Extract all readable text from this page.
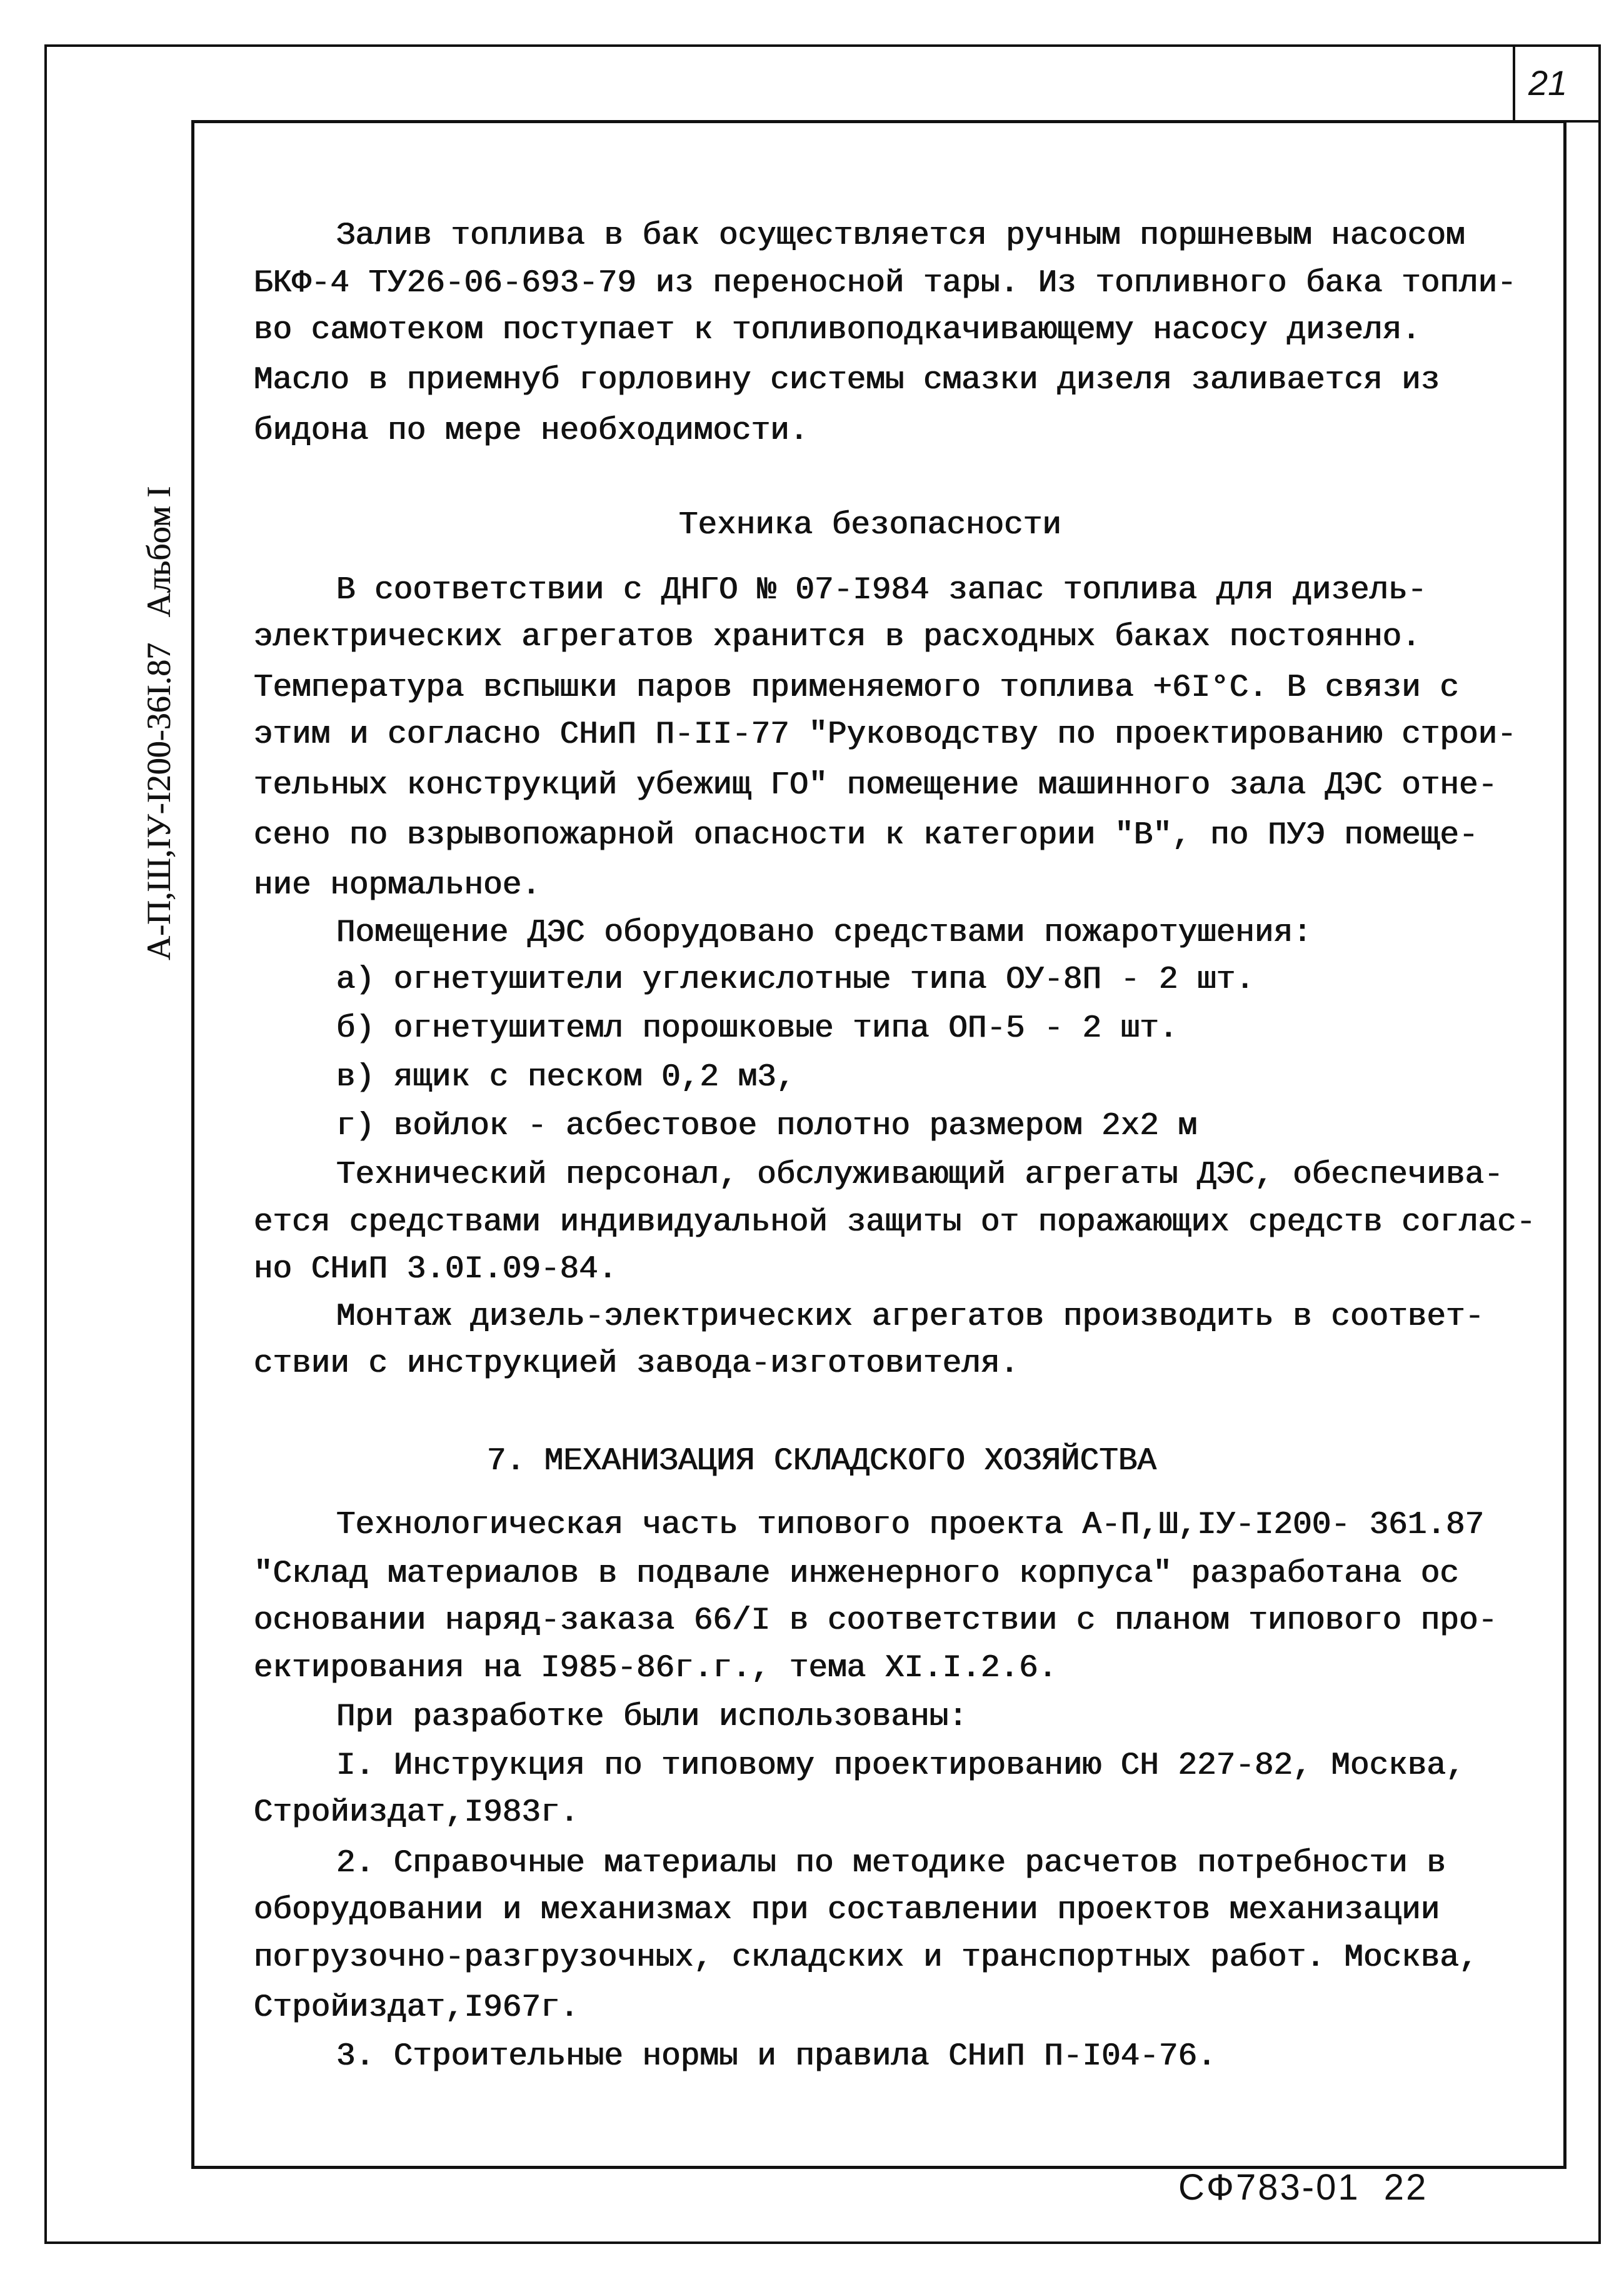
21
А-П,Ш,IУ-I200-36I.87   Альбом I
СФ783-01  22
Залив топлива в бак осуществляется ручным поршневым насосом
БКФ-4 ТУ26-06-693-79 из переносной тары. Из топливного бака топли-
во самотеком поступает к топливоподкачивающему насосу дизеля.
Масло в приемнуб горловину системы смазки дизеля заливается из
бидона по мере необходимости.
Техника безопасности
В соответствии с ДНГО № 07-I984 запас топлива для дизель-
электрических агрегатов хранится в расходных баках постоянно.
Температура вспышки паров применяемого топлива +6I°С. В связи с
этим и согласно СНиП П-II-77 "Руководству по проектированию строи-
тельных конструкций убежищ ГО" помещение машинного зала ДЭС отне-
сено по взрывопожарной опасности к категории "В", по ПУЭ помеще-
ние нормальное.
Помещение ДЭС оборудовано средствами пожаротушения:
а) огнетушители углекислотные типа ОУ-8П - 2 шт.
б) огнетушитемл порошковые типа ОП-5 - 2 шт.
в) ящик с песком 0,2 м3,
г) войлок - асбестовое полотно размером 2х2 м
Технический персонал, обслуживающий агрегаты ДЭС, обеспечива-
ется средствами индивидуальной защиты от поражающих средств соглас-
но СНиП 3.0I.09-84.
Монтаж дизель-электрических агрегатов производить в соответ-
ствии с инструкцией завода-изготовителя.
7. МЕХАНИЗАЦИЯ СКЛАДСКОГО ХОЗЯЙСТВА
Технологическая часть типового проекта А-П,Ш,IУ-I200- 361.87
"Склад материалов в подвале инженерного корпуса" разработана ос
основании наряд-заказа 66/I в соответствии с планом типового про-
ектирования на I985-86г.г., тема XI.I.2.6.
При разработке были использованы:
I. Инструкция по типовому проектированию СН 227-82, Москва,
Стройиздат,I983г.
2. Справочные материалы по методике расчетов потребности в
оборудовании и механизмах при составлении проектов механизации
погрузочно-разгрузочных, складских и транспортных работ. Москва,
Стройиздат,I967г.
3. Строительные нормы и правила СНиП П-I04-76.
